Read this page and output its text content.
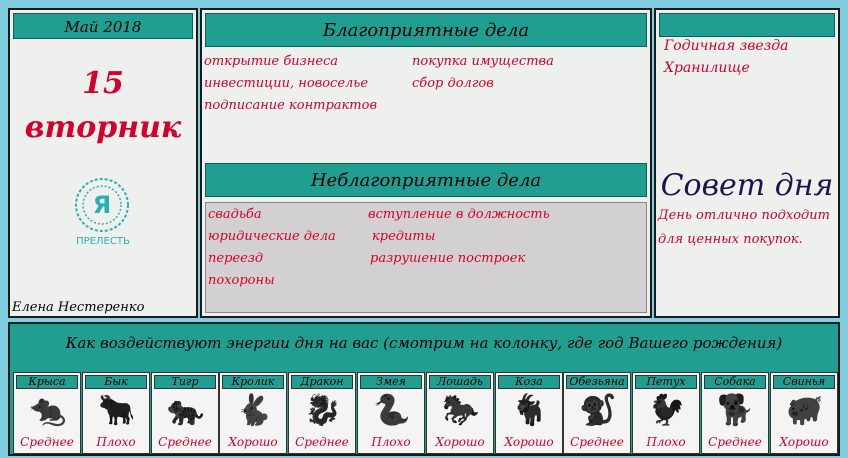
Май 2018
15
вторник
Я
ПРЕЛЕСТЬ
Елена Нестеренко
Благоприятные дела
открытие бизнеса
инвестиции, новоселье
подписание контрактов
покупка имущества
сбор долгов
Неблагоприятные дела
свадьба
юридические дела
переезд
похороны
вступление в должность
кредиты
разрушение построек
Годичная звезда
Хранилище
Совет дня
День отлично подходит
для ценных покупок.
Как воздействуют энергии дня на вас (смотрим на колонку, где год Вашего рождения)
Крыса
🐀
Среднее
Бык
🐂
Плохо
Тигр
🐅
Среднее
Кролик
🐇
Хорошо
Дракон
🐉
Среднее
Змея
🐍
Плохо
Лошадь
🐎
Хорошо
Коза
🐐
Хорошо
Обезьяна
🐒
Среднее
Петух
🐓
Плохо
Собака
🐕
Среднее
Свинья
🐖
Хорошо
